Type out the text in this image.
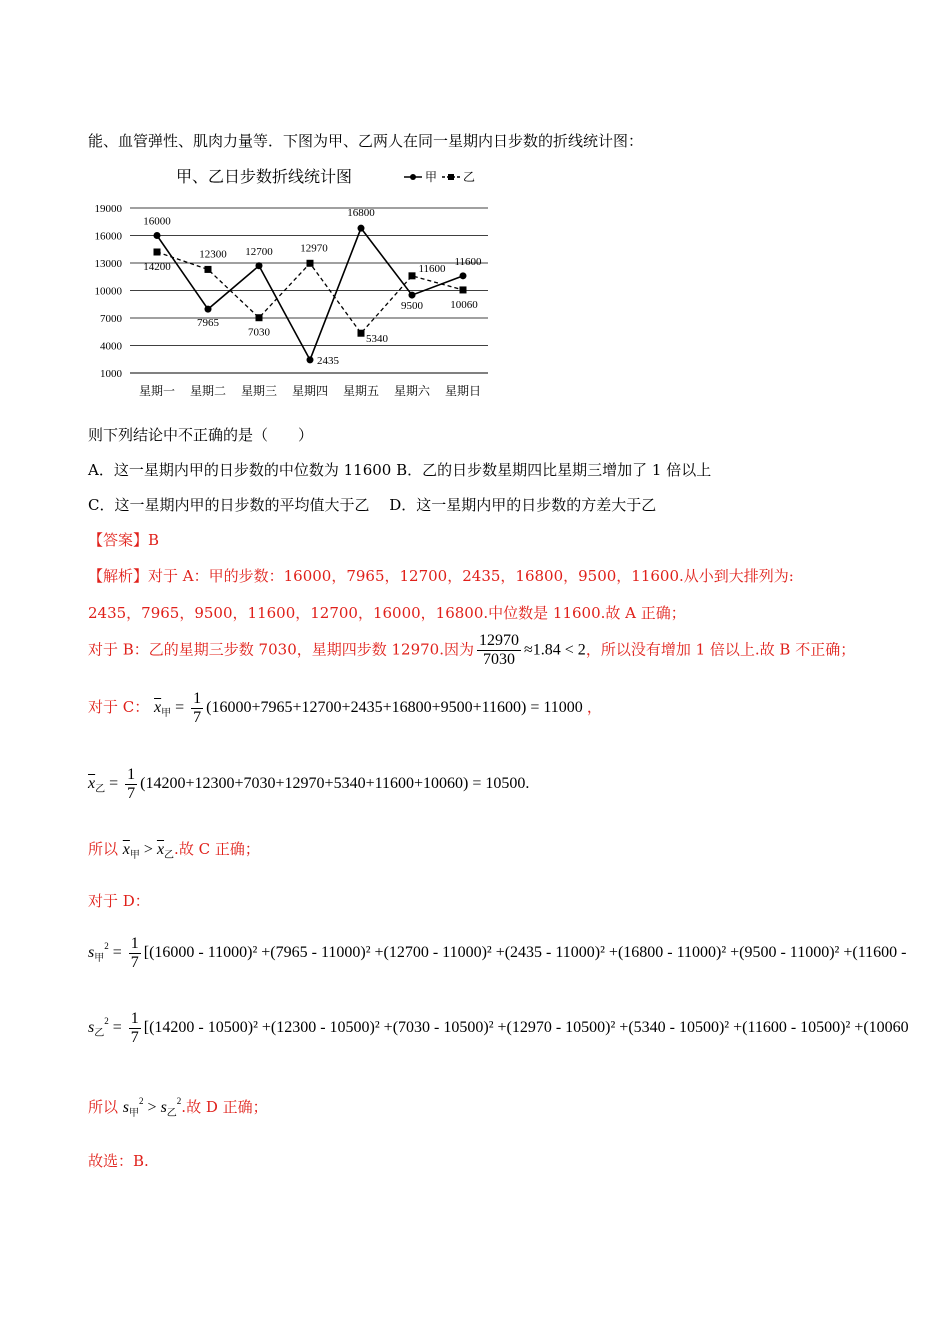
能、血管弹性、肌肉力量等．下图为甲、乙两人在同一星期内日步数的折线统计图：
甲、乙日步数折线统计图	甲 乙
19000
16000
13000
10000
7000
4000
1000
星期一 星期二 星期三 星期四 星期五 星期六 星期日
16000
7965
12700
2435
16800
9500
11600
14200
12300
7030
12970
5340
11600
10060
则下列结论中不正确的是（　　）
A．这一星期内甲的日步数的中位数为 11600 B．乙的日步数星期四比星期三增加了 1 倍以上
C．这一星期内甲的日步数的平均值大于乙　 D．这一星期内甲的日步数的方差大于乙
【答案】B
【解析】对于 A：甲的步数：16000，7965，12700，2435，16800，9500，11600.从小到大排列为:
2435，7965，9500，11600，12700，16000，16800.中位数是 11600.故 A 正确；
对于 B：乙的星期三步数 7030，星期四步数 12970.因为 $\frac{12970}{7030} \approx 1.84 < 2$，所以没有增加 1 倍以上.故 B 不正确；
对于 C： $\overline{x}_甲 = \frac{1}{7} (16000+7965+12700+2435+16800+9500+11600) = 11000$ ，
$\overline{x}_乙 = \frac{1}{7} (14200+12300+7030+12970+5340+11600+10060) = 10500$.
所以 $\overline{x}_甲 > \overline{x}_乙$.故 C 正确；
对于 D：
$s_甲^2 = \frac{1}{7} [(16000 - 11000)^2 +(7965 - 11000)^2 +(12700 - 11000)^2 +(2435 - 11000)^2 +(16800 - 11000)^2 +(9500 - 11000)^2 +(11600$ -
$s_乙^2 = \frac{1}{7} [(14200 - 10500)^2 +(12300 - 10500)^2 +(7030 - 10500)^2 +(12970 - 10500)^2 +(5340 - 10500)^2 +(11600 - 10500)^2 +(10060$
所以 $s_甲^2 > s_乙^2$.故 D 正确；
故选：B.
